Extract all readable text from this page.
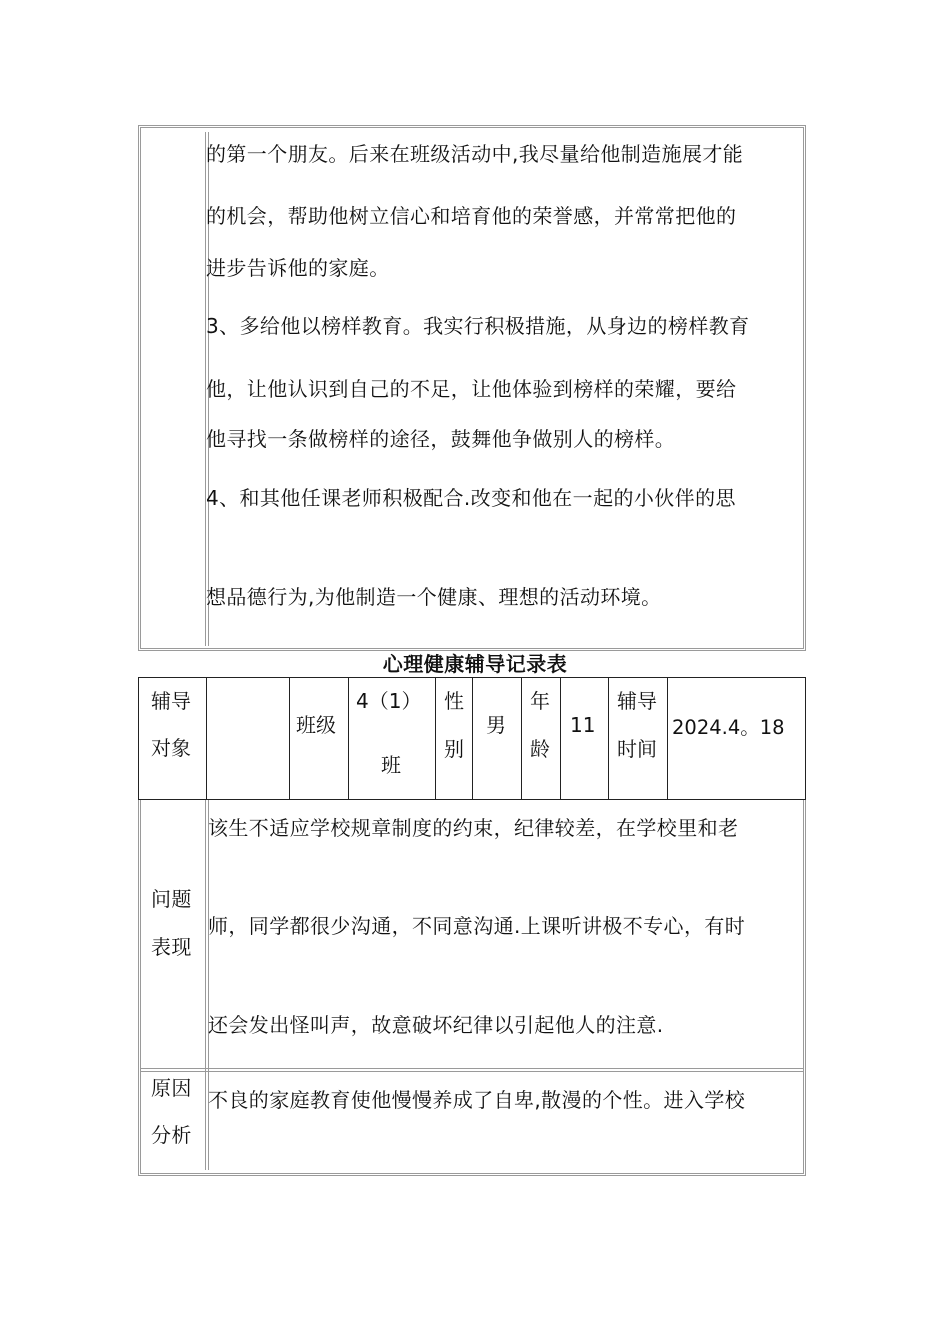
的第一个朋友。后来在班级活动中,我尽量给他制造施展才能
的机会，帮助他树立信心和培育他的荣誉感，并常常把他的
进步告诉他的家庭。
3、多给他以榜样教育。我实行积极措施，从身边的榜样教育
他，让他认识到自己的不足，让他体验到榜样的荣耀，要给
他寻找一条做榜样的途径，鼓舞他争做别人的榜样。
4、和其他任课老师积极配合.改变和他在一起的小伙伴的思
想品德行为,为他制造一个健康、理想的活动环境。
心理健康辅导记录表
辅导
对象
班级
4（1）
班
性
别
男
年
龄
11
辅导
时间
2024.4。18
问题
表现
该生不适应学校规章制度的约束，纪律较差，在学校里和老
师，同学都很少沟通，不同意沟通.上课听讲极不专心，有时
还会发出怪叫声，故意破坏纪律以引起他人的注意.
原因
分析
不良的家庭教育使他慢慢养成了自卑,散漫的个性。进入学校
